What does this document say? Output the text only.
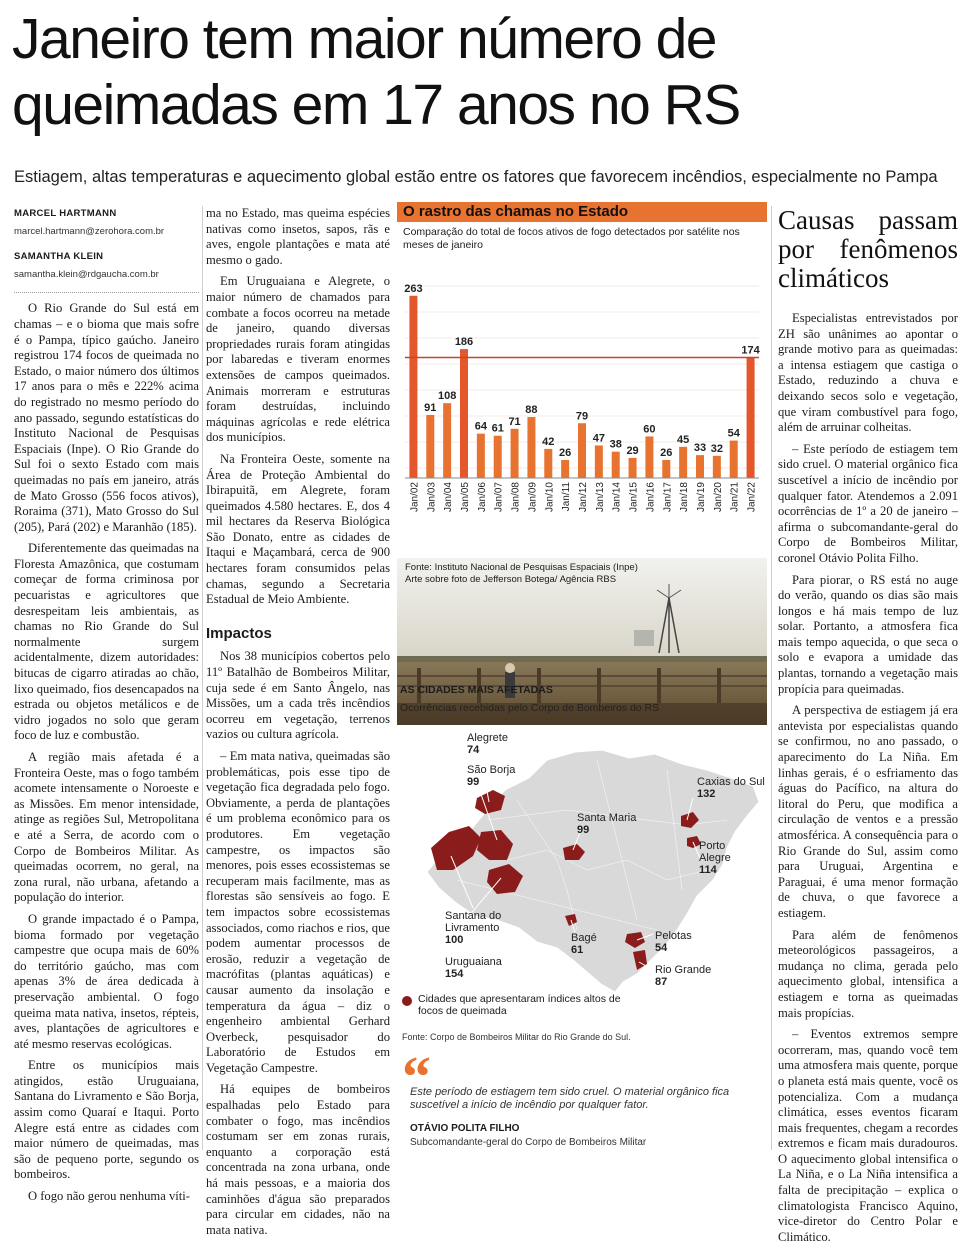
Janeiro tem maior número de queimadas em 17 anos no RS
Estiagem, altas temperaturas e aquecimento global estão entre os fatores que favorecem incêndios, especialmente no Pampa
MARCEL HARTMANN
marcel.hartmann@zerohora.com.br
SAMANTHA KLEIN
samantha.klein@rdgaucha.com.br

O Rio Grande do Sul está em chamas – e o bioma que mais sofre é o Pampa, típico gaúcho. Janeiro registrou 174 focos de queimada no Estado, o maior número dos últimos 17 anos para o mês e 222% acima do registrado no mesmo período do ano passado, segundo estatísticas do Instituto Nacional de Pesquisas Espaciais (Inpe). O Rio Grande do Sul foi o sexto Estado com mais queimadas no país em janeiro, atrás de Mato Grosso (556 focos ativos), Roraima (371), Mato Grosso do Sul (205), Pará (202) e Maranhão (185).

Diferentemente das queimadas na Floresta Amazônica, que costumam começar de forma criminosa por pecuaristas e agricultores que desrespeitam leis ambientais, as chamas no Rio Grande do Sul normalmente surgem acidentalmente, dizem autoridades: bitucas de cigarro atiradas ao chão, lixo queimado, fios desencapados na estrada ou objetos metálicos e de vidro jogados no solo que geram foco de luz e combustão.

A região mais afetada é a Fronteira Oeste, mas o fogo também acomete intensamente o Noroeste e as Missões. Em menor intensidade, atinge as regiões Sul, Metropolitana e até a Serra, de acordo com o Corpo de Bombeiros Militar. As queimadas ocorrem, no geral, na zona rural, não urbana, afetando a população do interior.

O grande impactado é o Pampa, bioma formado por vegetação campestre que ocupa mais de 60% do território gaúcho, mas com apenas 3% de área dedicada à preservação ambiental. O fogo queima mata nativa, insetos, répteis, aves, plantações de agricultores e até mesmo reservas ecológicas.

Entre os municípios mais atingidos, estão Uruguaiana, Santana do Livramento e São Borja, assim como Quaraí e Itaqui. Porto Alegre está entre as cidades com maior número de queimadas, mas são de pequeno porte, segundo os bombeiros.

O fogo não gerou nenhuma víti-

ma no Estado, mas queima espécies nativas como insetos, sapos, rãs e aves, engole plantações e mata até mesmo o gado.

Em Uruguaiana e Alegrete, o maior número de chamados para combate a focos ocorreu na metade de janeiro, quando diversas propriedades rurais foram atingidas por labaredas e tiveram enormes extensões de campos queimados. Animais morreram e estruturas foram destruídas, incluindo máquinas agrícolas e rede elétrica dos municípios.

Na Fronteira Oeste, somente na Área de Proteção Ambiental do Ibirapuitã, em Alegrete, foram queimados 4.580 hectares. E, dos 4 mil hectares da Reserva Biológica São Donato, entre as cidades de Itaqui e Maçambará, cerca de 900 hectares foram consumidos pelas chamas, segundo a Secretaria Estadual de Meio Ambiente.

Impactos

Nos 38 municípios cobertos pelo 11º Batalhão de Bombeiros Militar, cuja sede é em Santo Ângelo, nas Missões, um a cada três incêndios ocorreu em vegetação, terrenos vazios ou cultura agrícola.

– Em mata nativa, queimadas são problemáticas, pois esse tipo de vegetação fica degradada pelo fogo. Obviamente, a perda de plantações é um problema econômico para os produtores. Em vegetação campestre, os impactos são menores, pois esses ecossistemas se recuperam mais facilmente, mas as florestas são sensíveis ao fogo. E tem impactos sobre ecossistemas associados, como riachos e rios, que podem aumentar processos de erosão, reduzir a vegetação de macrófitas (plantas aquáticas) e causar aumento da insolação e temperatura da água – diz o engenheiro ambiental Gerhard Overbeck, pesquisador do Laboratório de Estudos em Vegetação Campestre.

Há equipes de bombeiros espalhadas pelo Estado para combater o fogo, mas incêndios costumam ser em zonas rurais, enquanto a corporação está concentrada na zona urbana, onde há mais pessoas, e a maioria dos caminhões d'água são preparados para circular em cidades, não na mata nativa.

Causas passam por fenômenos climáticos

Especialistas entrevistados por ZH são unânimes ao apontar o grande motivo para as queimadas: a intensa estiagem que castiga o Estado, reduzindo a chuva e deixando secos solo e vegetação, que viram combustível para fogo, além de arruinar colheitas.

– Este período de estiagem tem sido cruel. O material orgânico fica suscetível a início de incêndio por qualquer fator. Atendemos a 2.091 ocorrências de 1º a 20 de janeiro – afirma o subcomandante-geral do Corpo de Bombeiros Militar, coronel Otávio Polita Filho.

Para piorar, o RS está no auge do verão, quando os dias são mais longos e há mais tempo de luz solar. Portanto, a atmosfera fica mais tempo aquecida, o que seca o solo e evapora a umidade das plantas, tornando a vegetação mais propícia para queimadas.

A perspectiva de estiagem já era antevista por especialistas quando se confirmou, no ano passado, o aparecimento do La Niña. Em linhas gerais, é o esfriamento das águas do Pacífico, na altura do litoral do Peru, que modifica a circulação de ventos e a pressão atmosférica. A consequência para o Rio Grande do Sul, assim como para Uruguai, Argentina e Paraguai, é uma menor formação de chuva, o que favorece a estiagem.

Para além de fenômenos meteorológicos passageiros, a mudança no clima, gerada pelo aquecimento global, intensifica a estiagem e torna as queimadas mais propícias.

– Eventos extremos sempre ocorreram, mas, quando você tem uma atmosfera mais quente, porque o planeta está mais quente, você os potencializa. Com a mudança climática, esses eventos ficaram mais frequentes, chegam a recordes extremos e ficam mais duradouros. O aquecimento global intensifica o La Niña, e o La Niña intensifica a falta de precipitação – explica o climatologista Francisco Aquino, vice-diretor do Centro Polar e Climático.

O rastro das chamas no Estado
Comparação do total de focos ativos de fogo detectados por satélite nos meses de janeiro
263
Jan/02
91
Jan/03
108
Jan/04
186
Jan/05
64
Jan/06
61
Jan/07
71
Jan/08
88
Jan/09
42
Jan/10
26
Jan/11
79
Jan/12
47
Jan/13
38
Jan/14
29
Jan/15
60
Jan/16
26
Jan/17
45
Jan/18
33
Jan/19
32
Jan/20
54
Jan/21
174
Jan/22
Fonte: Instituto Nacional de Pesquisas Espaciais (Inpe)
Arte sobre foto de Jefferson Botega/ Agência RBS
AS CIDADES MAIS AFETADAS
Ocorrências recebidas pelo Corpo de Bombeiros do RS
Alegrete
74
São Borja
99	Caxias do Sul
132
Santa Maria
99
Porto Alegre
114
Santana do Livramento
100	Bagé
61
Pelotas
54
Uruguaiana
154	Rio Grande
87
Cidades que apresentaram índices altos de focos de queimada
Fonte: Corpo de Bombeiros Militar do Rio Grande do Sul.
“
Este período de estiagem tem sido cruel. O material orgânico fica suscetível a início de incêndio por qualquer fator.
OTÁVIO POLITA FILHO
Subcomandante-geral do Corpo de Bombeiros Militar
